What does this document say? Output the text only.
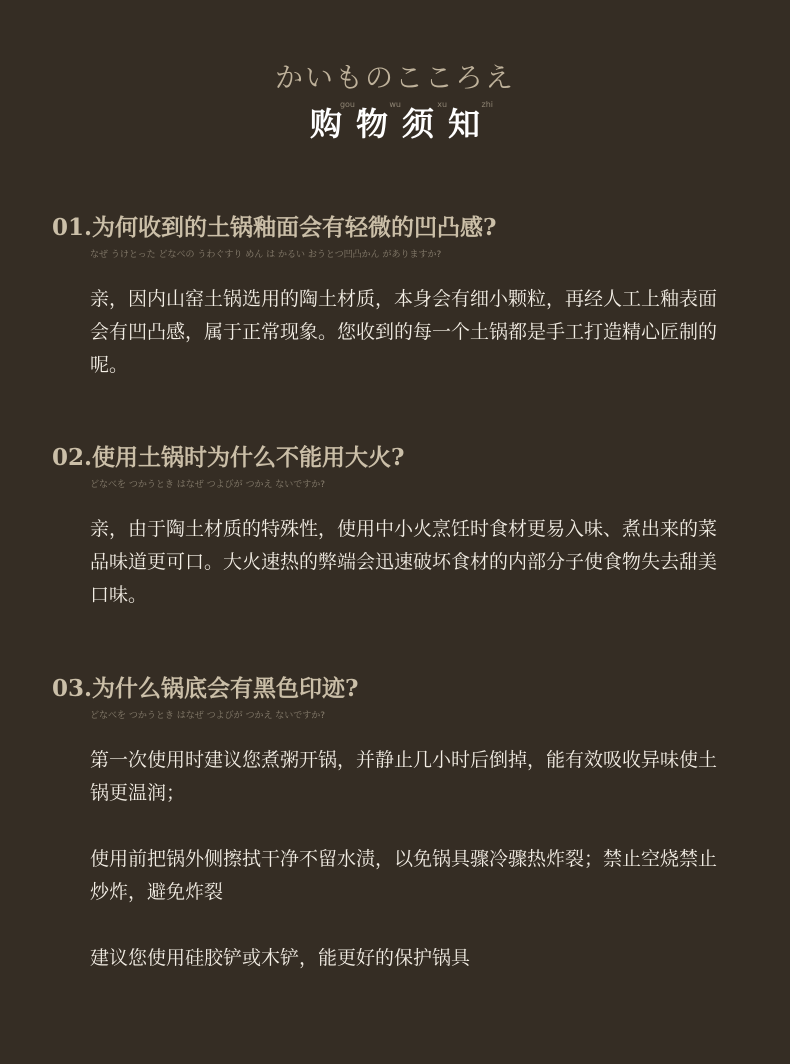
かいものこころえ
购
gou
物
wu
须
xu
知
zhi
01.为何收到的土锅釉面会有轻微的凹凸感?
なぜ うけとった どなべの うわぐすり めん は かるい おうとつ凹凸かん がありますか?

亲，因内山窑土锅选用的陶土材质，本身会有细小颗粒，再经人工上釉表面会有凹凸感，属于正常现象。您收到的每一个土锅都是手工打造精心匠制的呢。

02.使用土锅时为什么不能用大火?
どなべを つかうとき はなぜ つよびが つかえ ないですか?

亲，由于陶土材质的特殊性，使用中小火烹饪时食材更易入味、煮出来的菜品味道更可口。大火速热的弊端会迅速破坏食材的内部分子使食物失去甜美口味。

03.为什么锅底会有黑色印迹?
どなべを つかうとき はなぜ つよびが つかえ ないですか?

第一次使用时建议您煮粥开锅，并静止几小时后倒掉，能有效吸收异味使土锅更温润；

使用前把锅外侧擦拭干净不留水渍，以免锅具骤冷骤热炸裂；禁止空烧禁止炒炸，避免炸裂

建议您使用硅胶铲或木铲，能更好的保护锅具
